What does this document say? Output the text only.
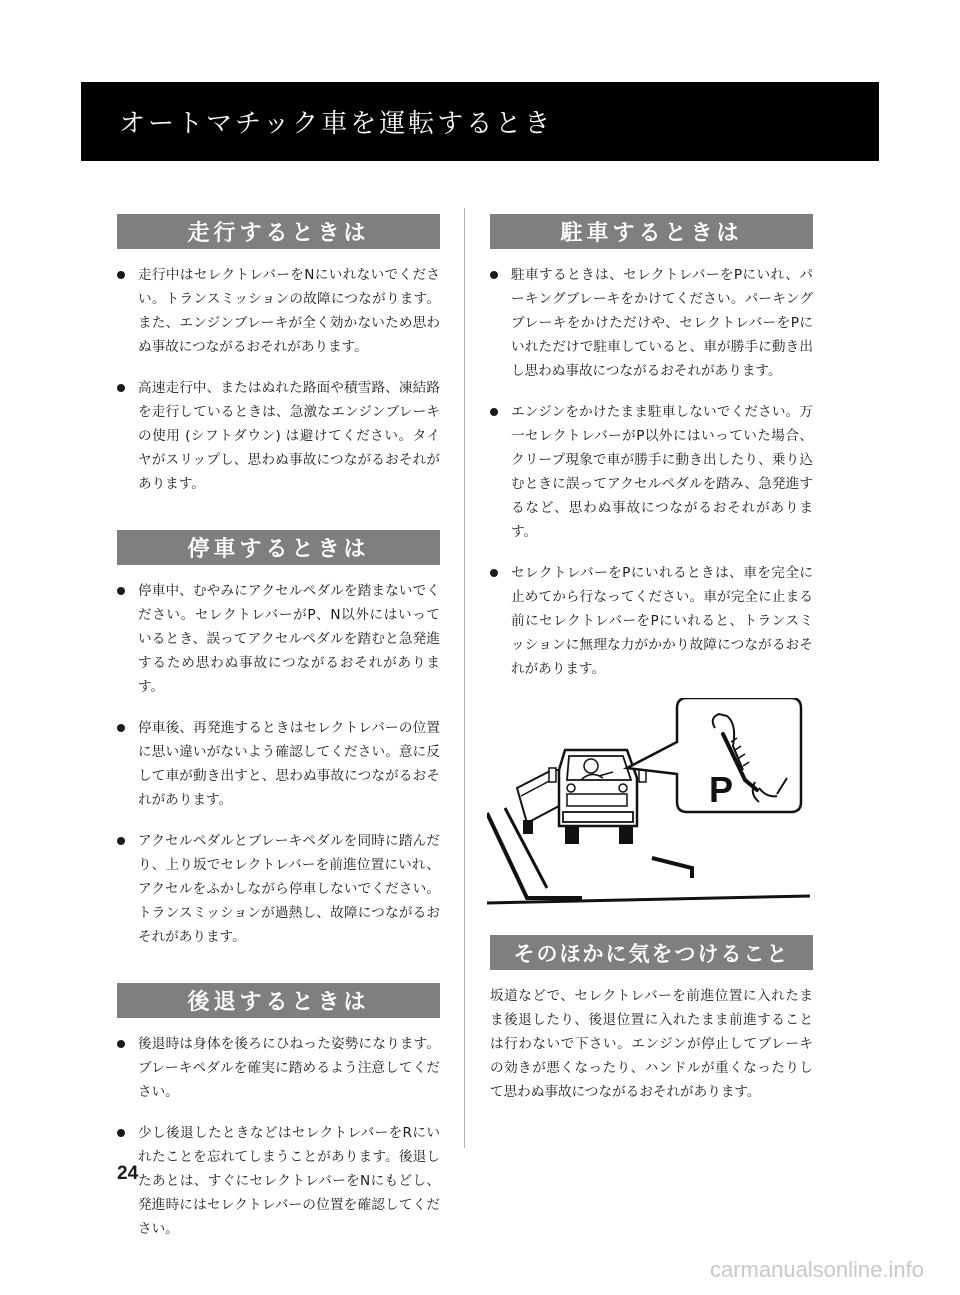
オートマチック車を運転するとき
走行するときは
走行中はセレクトレバーをNにいれないでください。トランスミッションの故障につながります。また、エンジンブレーキが全く効かないため思わぬ事故につながるおそれがあります。
高速走行中、またはぬれた路面や積雪路、凍結路を走行しているときは、急激なエンジンブレーキの使用 (シフトダウン) は避けてください。タイヤがスリップし、思わぬ事故につながるおそれがあります。
停車するときは
停車中、むやみにアクセルペダルを踏まないでください。セレクトレバーがP、N以外にはいっているとき、誤ってアクセルペダルを踏むと急発進するため思わぬ事故につながるおそれがあります。
停車後、再発進するときはセレクトレバーの位置に思い違いがないよう確認してください。意に反して車が動き出すと、思わぬ事故につながるおそれがあります。
アクセルペダルとブレーキペダルを同時に踏んだり、上り坂でセレクトレバーを前進位置にいれ、アクセルをふかしながら停車しないでください。トランスミッションが過熱し、故障につながるおそれがあります。
後退するときは
後退時は身体を後ろにひねった姿勢になります。ブレーキペダルを確実に踏めるよう注意してください。
少し後退したときなどはセレクトレバーをRにいれたことを忘れてしまうことがあります。後退したあとは、すぐにセレクトレバーをNにもどし、発進時にはセレクトレバーの位置を確認してください。
駐車するときは
駐車するときは、セレクトレバーをPにいれ、パーキングブレーキをかけてください。パーキングブレーキをかけただけや、セレクトレバーをPにいれただけで駐車していると、車が勝手に動き出し思わぬ事故につながるおそれがあります。
エンジンをかけたまま駐車しないでください。万一セレクトレバーがP以外にはいっていた場合、クリープ現象で車が勝手に動き出したり、乗り込むときに誤ってアクセルペダルを踏み、急発進するなど、思わぬ事故につながるおそれがあります。
セレクトレバーをPにいれるときは、車を完全に止めてから行なってください。車が完全に止まる前にセレクトレバーをPにいれると、トランスミッションに無理な力がかかり故障につながるおそれがあります。
P
そのほかに気をつけること
坂道などで、セレクトレバーを前進位置に入れたまま後退したり、後退位置に入れたまま前進することは行わないで下さい。エンジンが停止してブレーキの効きが悪くなったり、ハンドルが重くなったりして思わぬ事故につながるおそれがあります。
24
carmanualsonline.info
